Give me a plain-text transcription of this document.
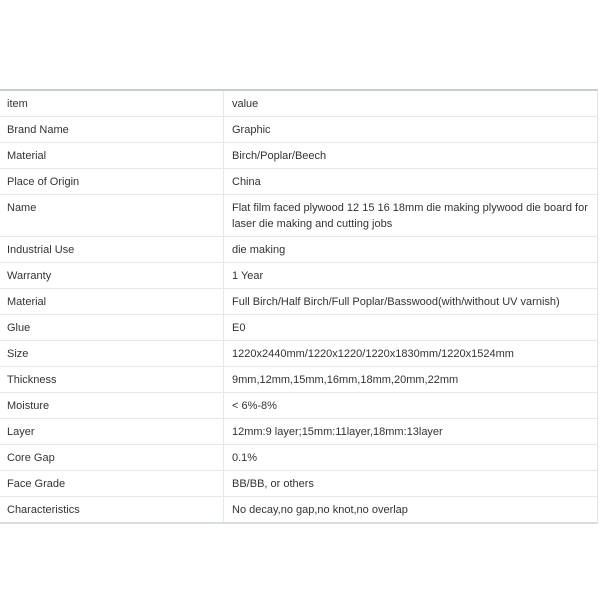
item	value
Brand Name	Graphic
Material	Birch/Poplar/Beech
Place of Origin	China
Name	Flat film faced plywood 12 15 16 18mm die making plywood die board for laser die making and cutting jobs
Industrial Use	die making
Warranty	1 Year
Material	Full Birch/Half Birch/Full Poplar/Basswood(with/without UV varnish)
Glue	E0
Size	1220x2440mm/1220x1220/1220x1830mm/1220x1524mm
Thickness	9mm,12mm,15mm,16mm,18mm,20mm,22mm
Moisture	< 6%-8%
Layer	12mm:9 layer;15mm:11layer,18mm:13layer
Core Gap	0.1%
Face Grade	BB/BB, or others
Characteristics	No decay,no gap,no knot,no overlap
